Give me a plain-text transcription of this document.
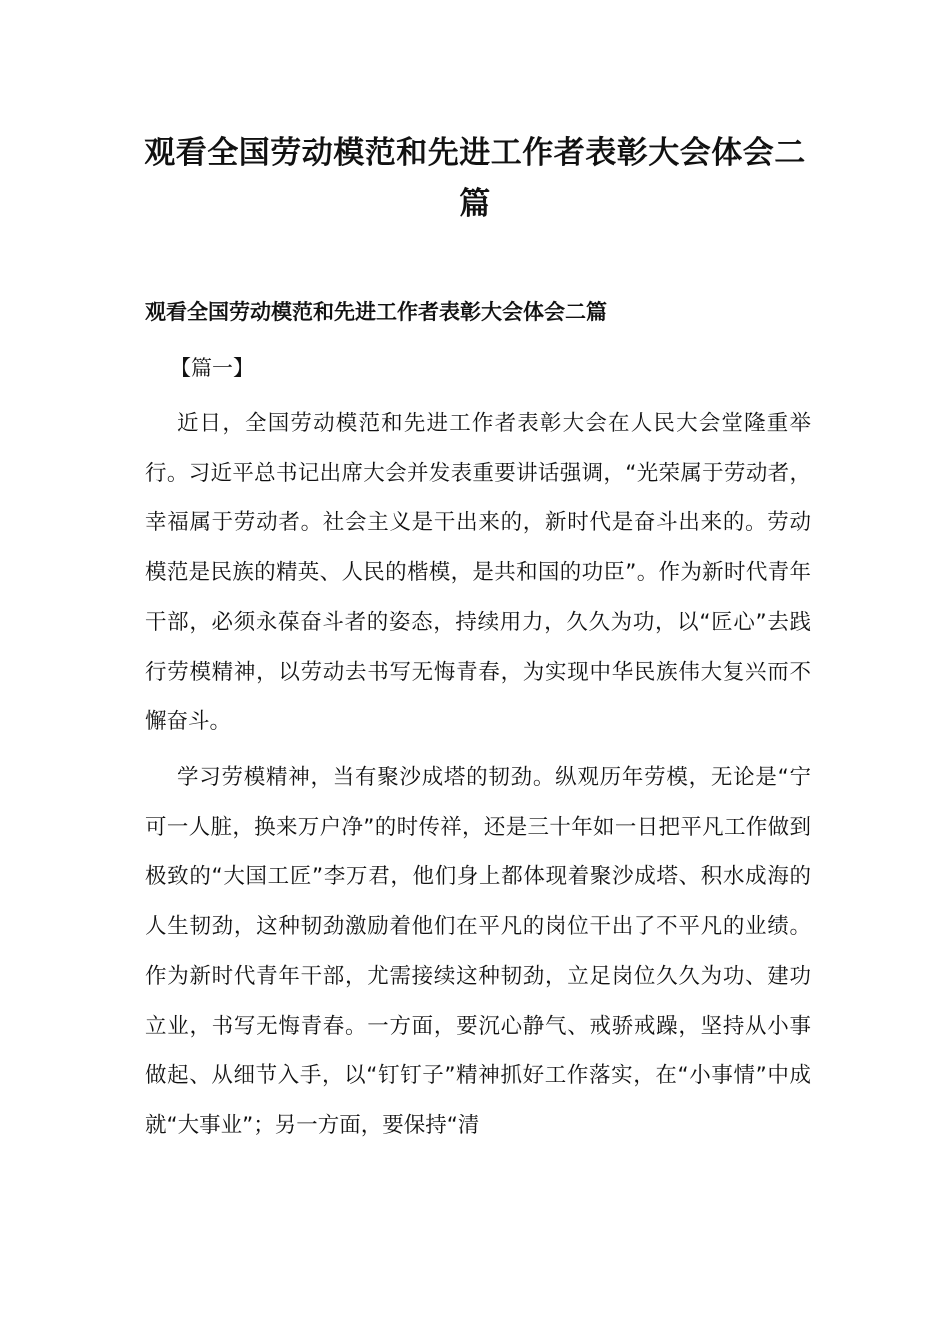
观看全国劳动模范和先进工作者表彰大会体会二篇
观看全国劳动模范和先进工作者表彰大会体会二篇

【篇一】

近日，全国劳动模范和先进工作者表彰大会在人民大会堂隆重举行。习近平总书记出席大会并发表重要讲话强调，“光荣属于劳动者，幸福属于劳动者。社会主义是干出来的，新时代是奋斗出来的。劳动模范是民族的精英、人民的楷模，是共和国的功臣”。作为新时代青年干部，必须永葆奋斗者的姿态，持续用力，久久为功，以“匠心”去践行劳模精神，以劳动去书写无悔青春，为实现中华民族伟大复兴而不懈奋斗。

学习劳模精神，当有聚沙成塔的韧劲。纵观历年劳模，无论是“宁可一人脏，换来万户净”的时传祥，还是三十年如一日把平凡工作做到极致的“大国工匠”李万君，他们身上都体现着聚沙成塔、积水成海的人生韧劲，这种韧劲激励着他们在平凡的岗位干出了不平凡的业绩。作为新时代青年干部，尤需接续这种韧劲，立足岗位久久为功、建功立业，书写无悔青春。一方面，要沉心静气、戒骄戒躁，坚持从小事做起、从细节入手，以“钉钉子”精神抓好工作落实，在“小事情”中成就“大事业”；另一方面，要保持“清
